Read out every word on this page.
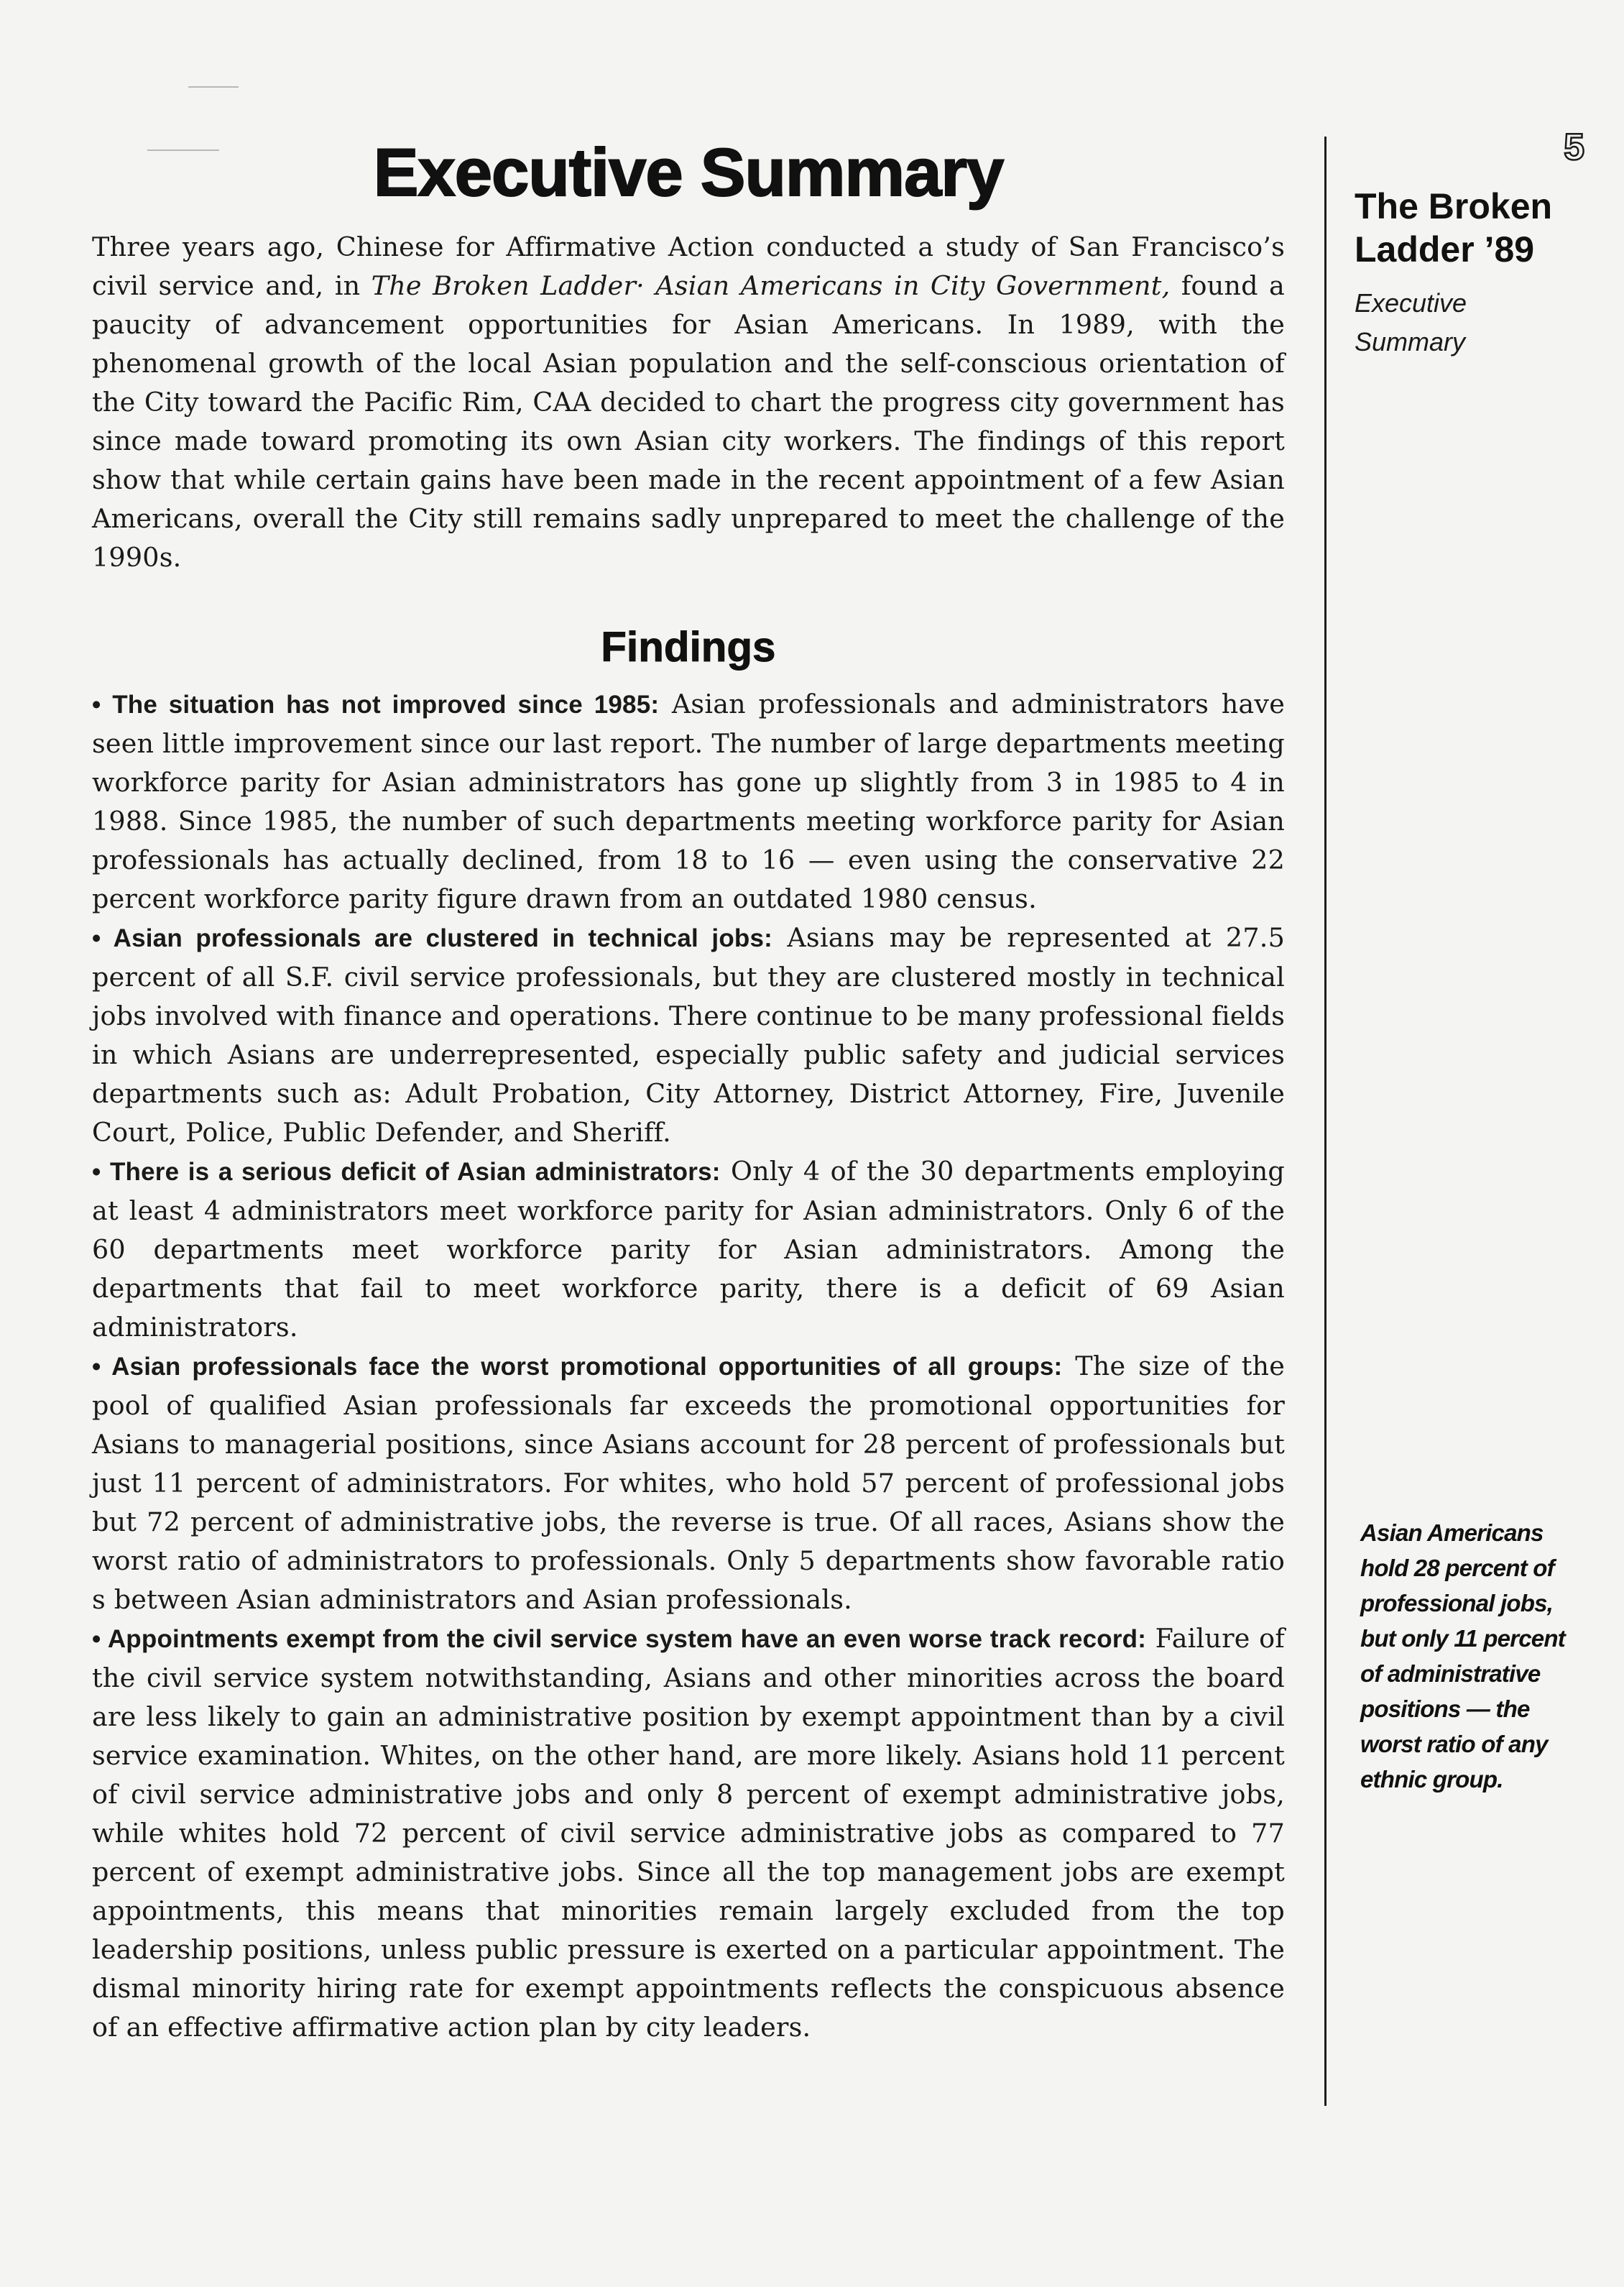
Executive Summary

Three years ago, Chinese for Affirmative Action conducted a study of San Francisco’s civil service and, in The Broken Ladder· Asian Americans in City Government, found a paucity of advancement opportunities for Asian Americans. In 1989, with the phenomenal growth of the local Asian population and the self-conscious orientation of the City toward the Pacific Rim, CAA decided to chart the progress city government has since made toward promoting its own Asian city workers. The findings of this report show that while certain gains have been made in the recent appointment of a few Asian Americans, overall the City still remains sadly unprepared to meet the challenge of the 1990s.

Findings

• The situation has not improved since 1985: Asian professionals and administrators have seen little improvement since our last report. The number of large departments meeting workforce parity for Asian administrators has gone up slightly from 3 in 1985 to 4 in 1988. Since 1985, the number of such departments meeting workforce parity for Asian professionals has actually declined, from 18 to 16 — even using the conservative 22 percent workforce parity figure drawn from an outdated 1980 census.

• Asian professionals are clustered in technical jobs: Asians may be represented at 27.5 percent of all S.F. civil service professionals, but they are clustered mostly in technical jobs involved with finance and operations. There continue to be many professional fields in which Asians are underrepresented, especially public safety and judicial services departments such as: Adult Probation, City Attorney, District Attorney, Fire, Juvenile Court, Police, Public Defender, and Sheriff.

• There is a serious deficit of Asian administrators: Only 4 of the 30 departments employing at least 4 administrators meet workforce parity for Asian administrators. Only 6 of the 60 departments meet workforce parity for Asian administrators. Among the departments that fail to meet workforce parity, there is a deficit of 69 Asian administrators.

• Asian professionals face the worst promotional opportunities of all groups: The size of the pool of qualified Asian professionals far exceeds the promotional opportunities for Asians to managerial positions, since Asians account for 28 percent of professionals but just 11 percent of administrators. For whites, who hold 57 percent of professional jobs but 72 percent of administrative jobs, the reverse is true. Of all races, Asians show the worst ratio of administrators to professionals. Only 5 departments show favorable ratio s between Asian administrators and Asian professionals.

• Appointments exempt from the civil service system have an even worse track record: Failure of the civil service system notwithstanding, Asians and other minorities across the board are less likely to gain an administrative position by exempt appointment than by a civil service examination. Whites, on the other hand, are more likely. Asians hold 11 percent of civil service administrative jobs and only 8 percent of exempt administrative jobs, while whites hold 72 percent of civil service administrative jobs as compared to 77 percent of exempt administrative jobs. Since all the top management jobs are exempt appointments, this means that minorities remain largely excluded from the top leadership positions, unless public pressure is exerted on a particular appointment. The dismal minority hiring rate for exempt appointments reflects the conspicuous absence of an effective affirmative action plan by city leaders.

5
The Broken
Ladder ’89
Executive
Summary
Asian Americans hold 28 percent of professional jobs, but only 11 percent of administrative positions — the worst ratio of any ethnic group.
